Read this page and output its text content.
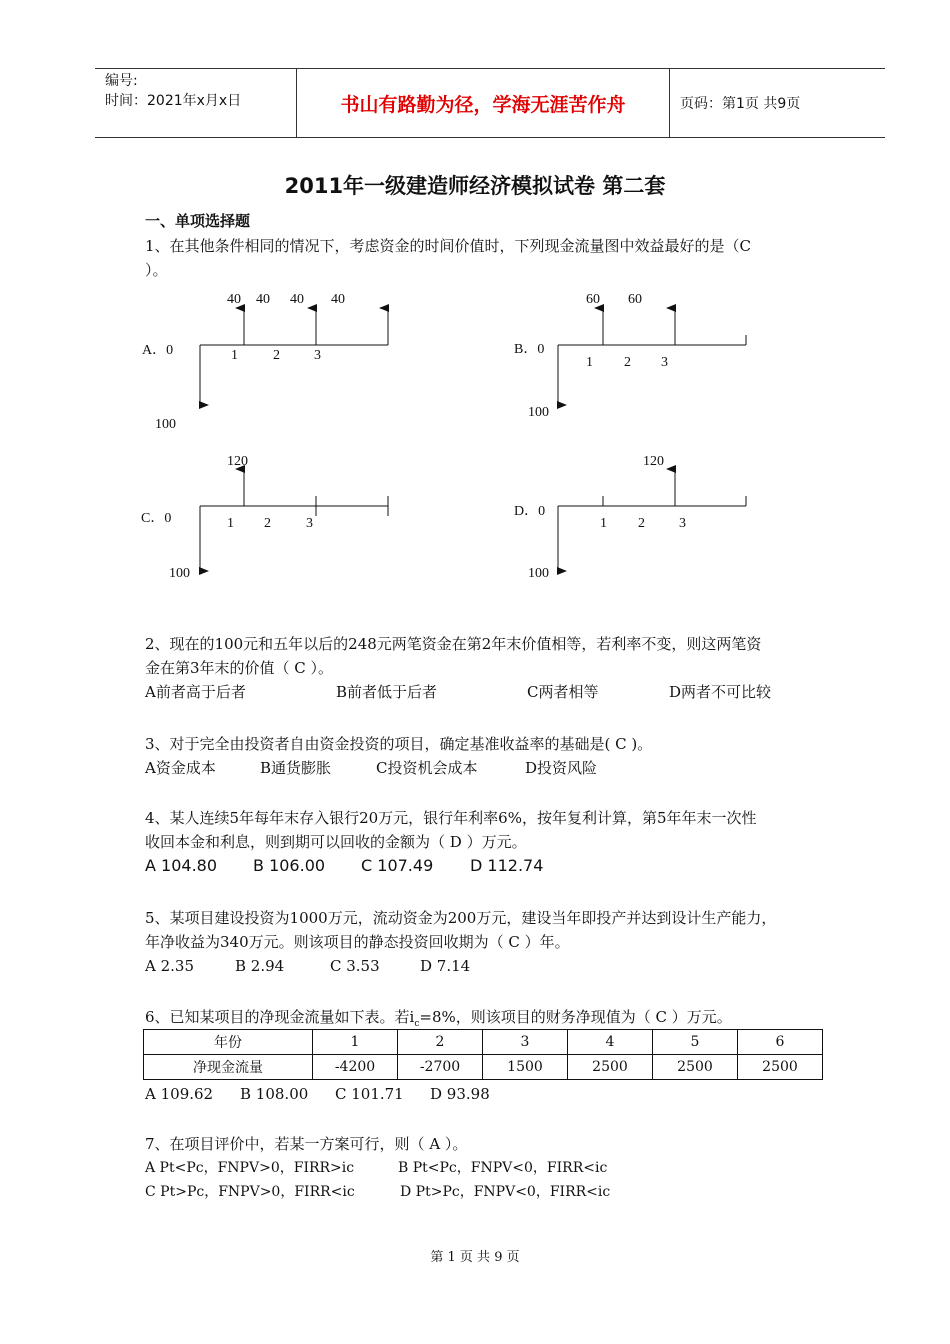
编号:
时间：2021年x月x日	书山有路勤为径，学海无涯苦作舟	页码：第1页 共9页
2011年一级建造师经济模拟试卷 第二套
一、单项选择题
1、在其他条件相同的情况下，考虑资金的时间价值时，下列现金流量图中效益最好的是（C
）。
A．0
40 40 40 40
1	2 3
100
B．0
60 60
1 2 3
100
C．0
120
1 2	3
100
D．0
120
1 2 3
100
2、现在的100元和五年以后的248元两笔资金在第2年末价值相等，若利率不变，则这两笔资
金在第3年末的价值（ C ）。
A前者高于后者	B前者低于后者	C两者相等	D两者不可比较
3、对于完全由投资者自由资金投资的项目，确定基准收益率的基础是( C )。
A资金成本	B通货膨胀	C投资机会成本	D投资风险
4、某人连续5年每年末存入银行20万元，银行年利率6%，按年复利计算，第5年年末一次性
收回本金和利息，则到期可以回收的金额为（ D ）万元。
A 104.80 B 106.00 C 107.49 D 112.74
5、某项目建设投资为1000万元，流动资金为200万元，建设当年即投产并达到设计生产能力，
年净收益为340万元。则该项目的静态投资回收期为（ C ）年。
A 2.35	B 2.94	C 3.53	D 7.14
6、已知某项目的净现金流量如下表。若$i_c=8\%$，则该项目的财务净现值为（ C ）万元。
年份	1	2	3	4	5	6
净现金流量	-4200	-2700	1500	2500	2500	2500
A 109.62 B 108.00 C 101.71 D 93.98
7、在项目评价中，若某一方案可行，则（ A ）。
A Pt<Pc，FNPV>0，FIRR>ic	B Pt<Pc，FNPV<0，FIRR<ic
C Pt>Pc，FNPV>0，FIRR<ic	D Pt>Pc，FNPV<0，FIRR<ic
第 1 页 共 9 页
